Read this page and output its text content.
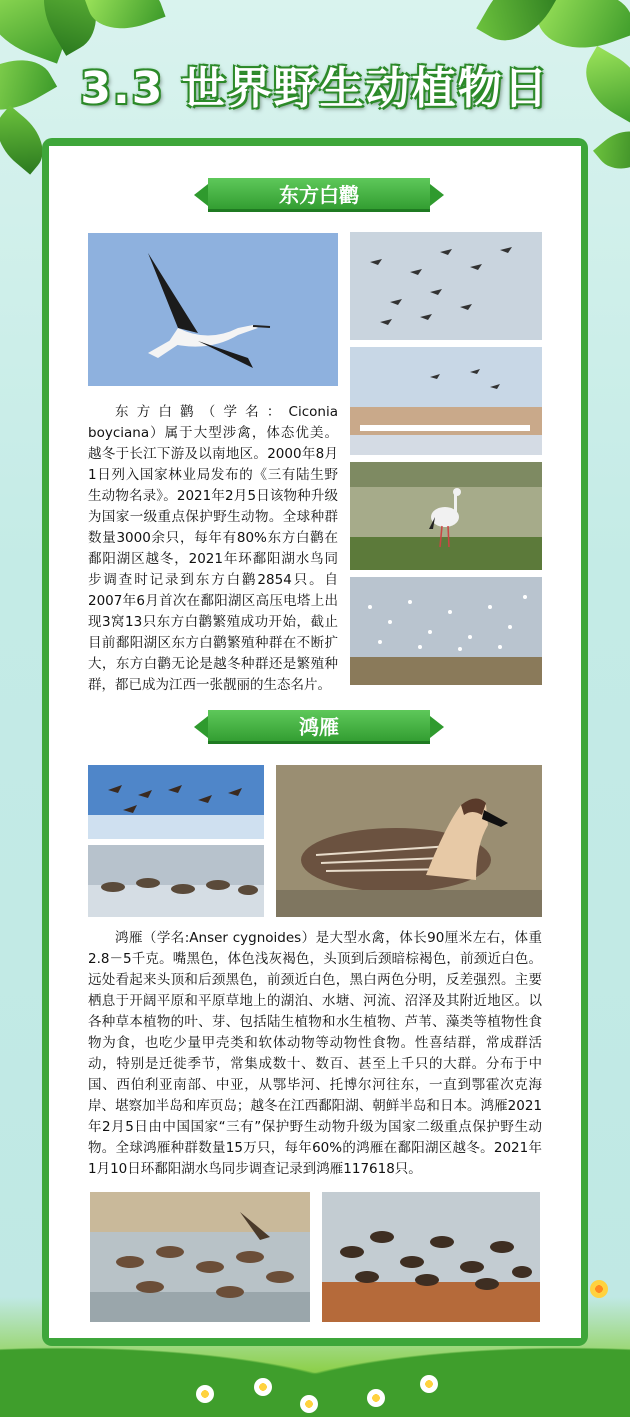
3.3 世界野生动植物日
东方白鹳

东方白鹳（学名：Ciconia boyciana）属于大型涉禽，体态优美。越冬于长江下游及以南地区。2000年8月1日列入国家林业局发布的《三有陆生野生动物名录》。2021年2月5日该物种升级为国家一级重点保护野生动物。全球种群数量3000余只，每年有80%东方白鹳在鄱阳湖区越冬，2021年环鄱阳湖水鸟同步调查时记录到东方白鹳2854只。自2007年6月首次在鄱阳湖区高压电塔上出现3窝13只东方白鹳繁殖成功开始，截止目前鄱阳湖区东方白鹳繁殖种群在不断扩大，东方白鹳无论是越冬种群还是繁殖种群，都已成为江西一张靓丽的生态名片。

鸿雁

鸿雁（学名:Anser cygnoides）是大型水禽，体长90厘米左右，体重2.8－5千克。嘴黑色，体色浅灰褐色，头顶到后颈暗棕褐色，前颈近白色。远处看起来头顶和后颈黑色，前颈近白色，黑白两色分明，反差强烈。主要栖息于开阔平原和平原草地上的湖泊、水塘、河流、沼泽及其附近地区。以各种草本植物的叶、芽、包括陆生植物和水生植物、芦苇、藻类等植物性食物为食，也吃少量甲壳类和软体动物等动物性食物。性喜结群，常成群活动，特别是迁徙季节，常集成数十、数百、甚至上千只的大群。分布于中国、西伯利亚南部、中亚，从鄂毕河、托博尔河往东，一直到鄂霍次克海岸、堪察加半岛和库页岛；越冬在江西鄱阳湖、朝鲜半岛和日本。鸿雁2021年2月5日由中国国家“三有”保护野生动物升级为国家二级重点保护野生动物。全球鸿雁种群数量15万只，每年60%的鸿雁在鄱阳湖区越冬。2021年1月10日环鄱阳湖水鸟同步调查记录到鸿雁117618只。
